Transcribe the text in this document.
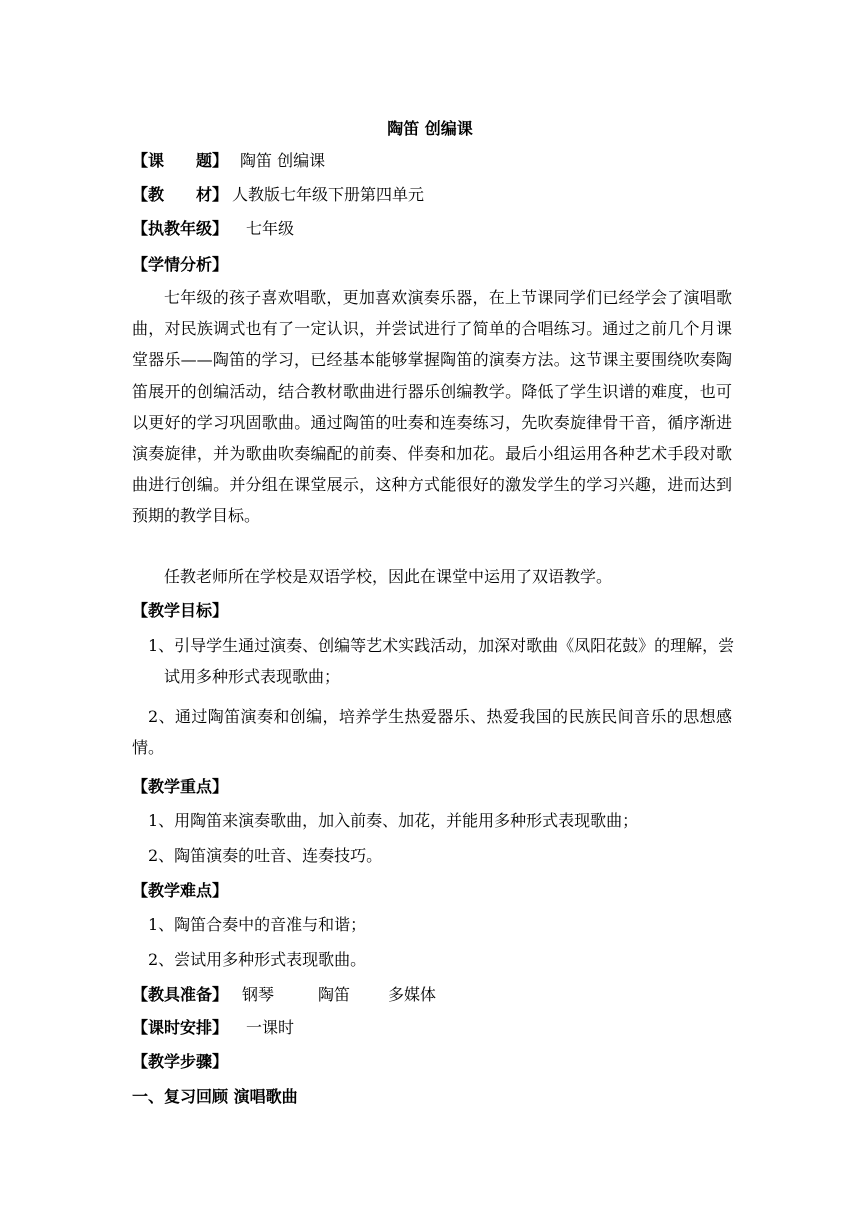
陶笛 创编课
【课　　题】 陶笛 创编课
【教　　材】 人教版七年级下册第四单元
【执教年级】 七年级
【学情分析】
七年级的孩子喜欢唱歌，更加喜欢演奏乐器，在上节课同学们已经学会了演唱歌曲，对民族调式也有了一定认识，并尝试进行了简单的合唱练习。通过之前几个月课堂器乐——陶笛的学习，已经基本能够掌握陶笛的演奏方法。这节课主要围绕吹奏陶笛展开的创编活动，结合教材歌曲进行器乐创编教学。降低了学生识谱的难度，也可以更好的学习巩固歌曲。通过陶笛的吐奏和连奏练习，先吹奏旋律骨干音，循序渐进演奏旋律，并为歌曲吹奏编配的前奏、伴奏和加花。最后小组运用各种艺术手段对歌曲进行创编。并分组在课堂展示，这种方式能很好的激发学生的学习兴趣，进而达到预期的教学目标。
任教老师所在学校是双语学校，因此在课堂中运用了双语教学。
【教学目标】
1、引导学生通过演奏、创编等艺术实践活动，加深对歌曲《凤阳花鼓》的理解，尝试用多种形式表现歌曲；
2、通过陶笛演奏和创编，培养学生热爱器乐、热爱我国的民族民间音乐的思想感情。
【教学重点】
1、用陶笛来演奏歌曲，加入前奏、加花，并能用多种形式表现歌曲；
2、陶笛演奏的吐音、连奏技巧。
【教学难点】
1、陶笛合奏中的音准与和谐；
2、尝试用多种形式表现歌曲。
【教具准备】 钢琴	陶笛 多媒体
【课时安排】 一课时
【教学步骤】
一、复习回顾 演唱歌曲
